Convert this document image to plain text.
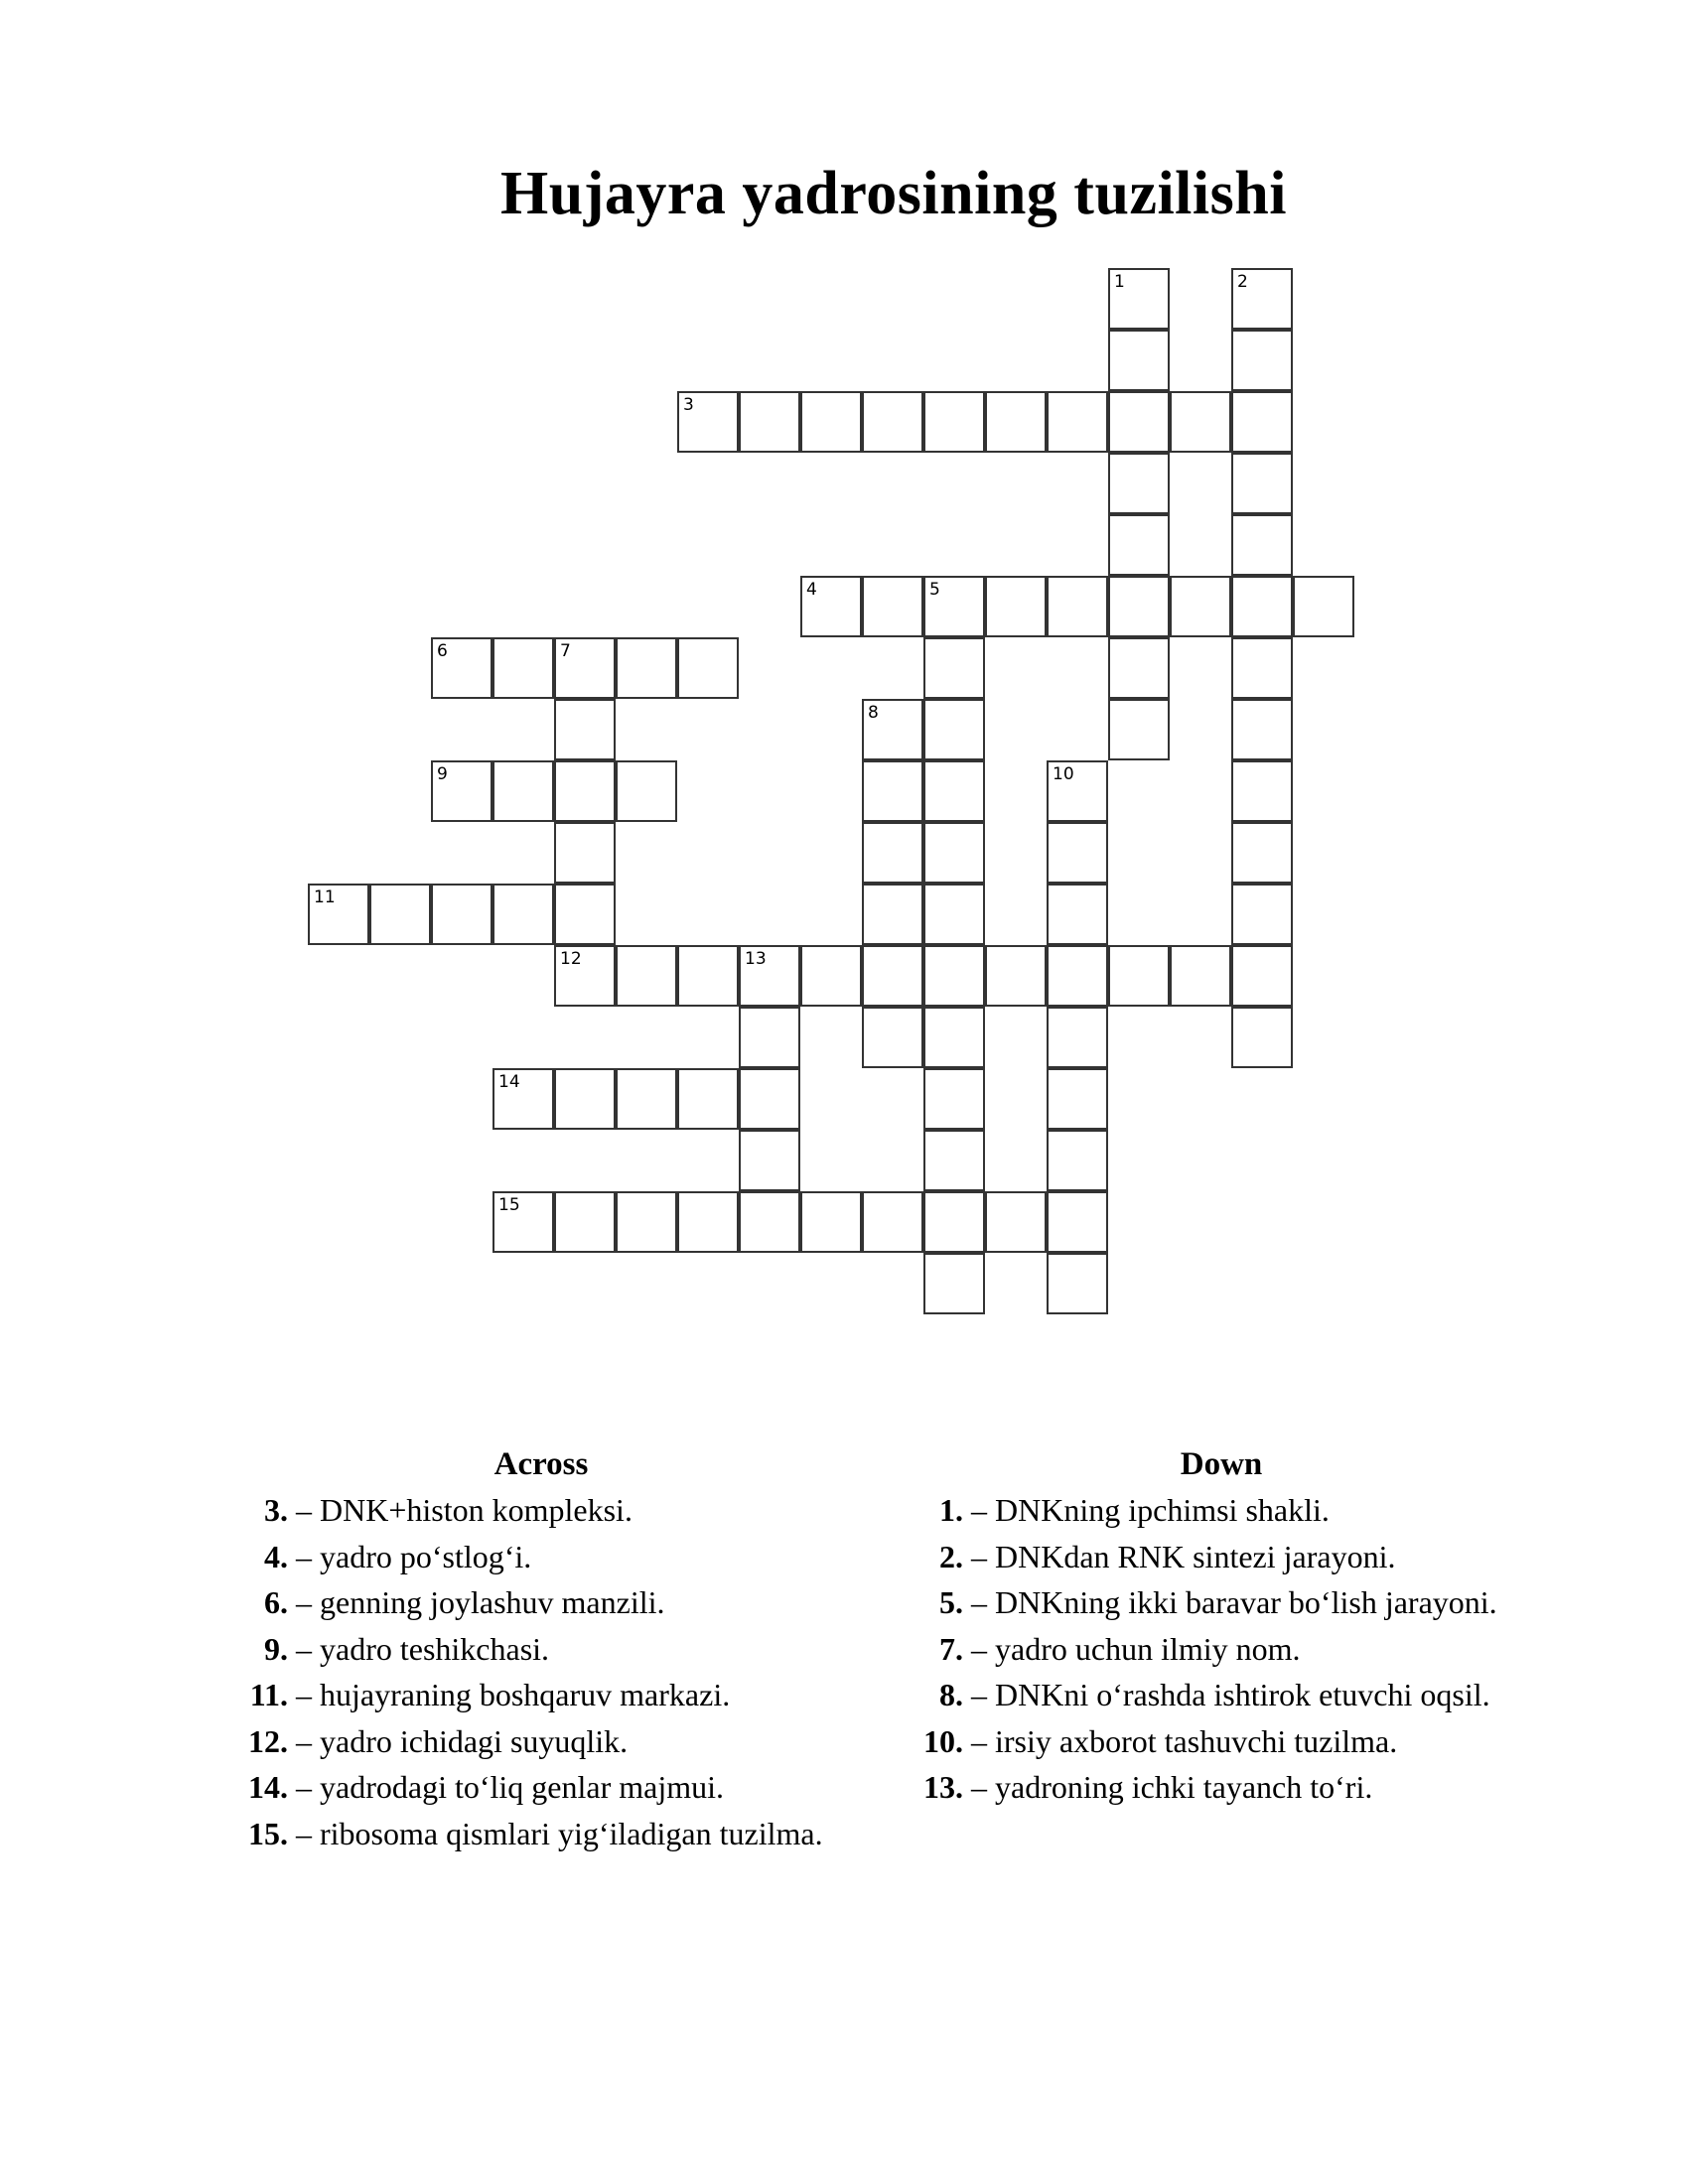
Hujayra yadrosining tuzilishi
1	2
3
4	5
6	7
8
9	10
11
12	13
14
15
Across	Down
3. – DNK+histon kompleksi.
4. – yadro po‘stlog‘i.
6. – genning joylashuv manzili.
9. – yadro teshikchasi.
11. – hujayraning boshqaruv markazi.
12. – yadro ichidagi suyuqlik.
14. – yadrodagi to‘liq genlar majmui.
15. – ribosoma qismlari yig‘iladigan tuzilma.
1. – DNKning ipchimsi shakli.
2. – DNKdan RNK sintezi jarayoni.
5. – DNKning ikki baravar bo‘lish jarayoni.
7. – yadro uchun ilmiy nom.
8. – DNKni o‘rashda ishtirok etuvchi oqsil.
10. – irsiy axborot tashuvchi tuzilma.
13. – yadroning ichki tayanch to‘ri.
